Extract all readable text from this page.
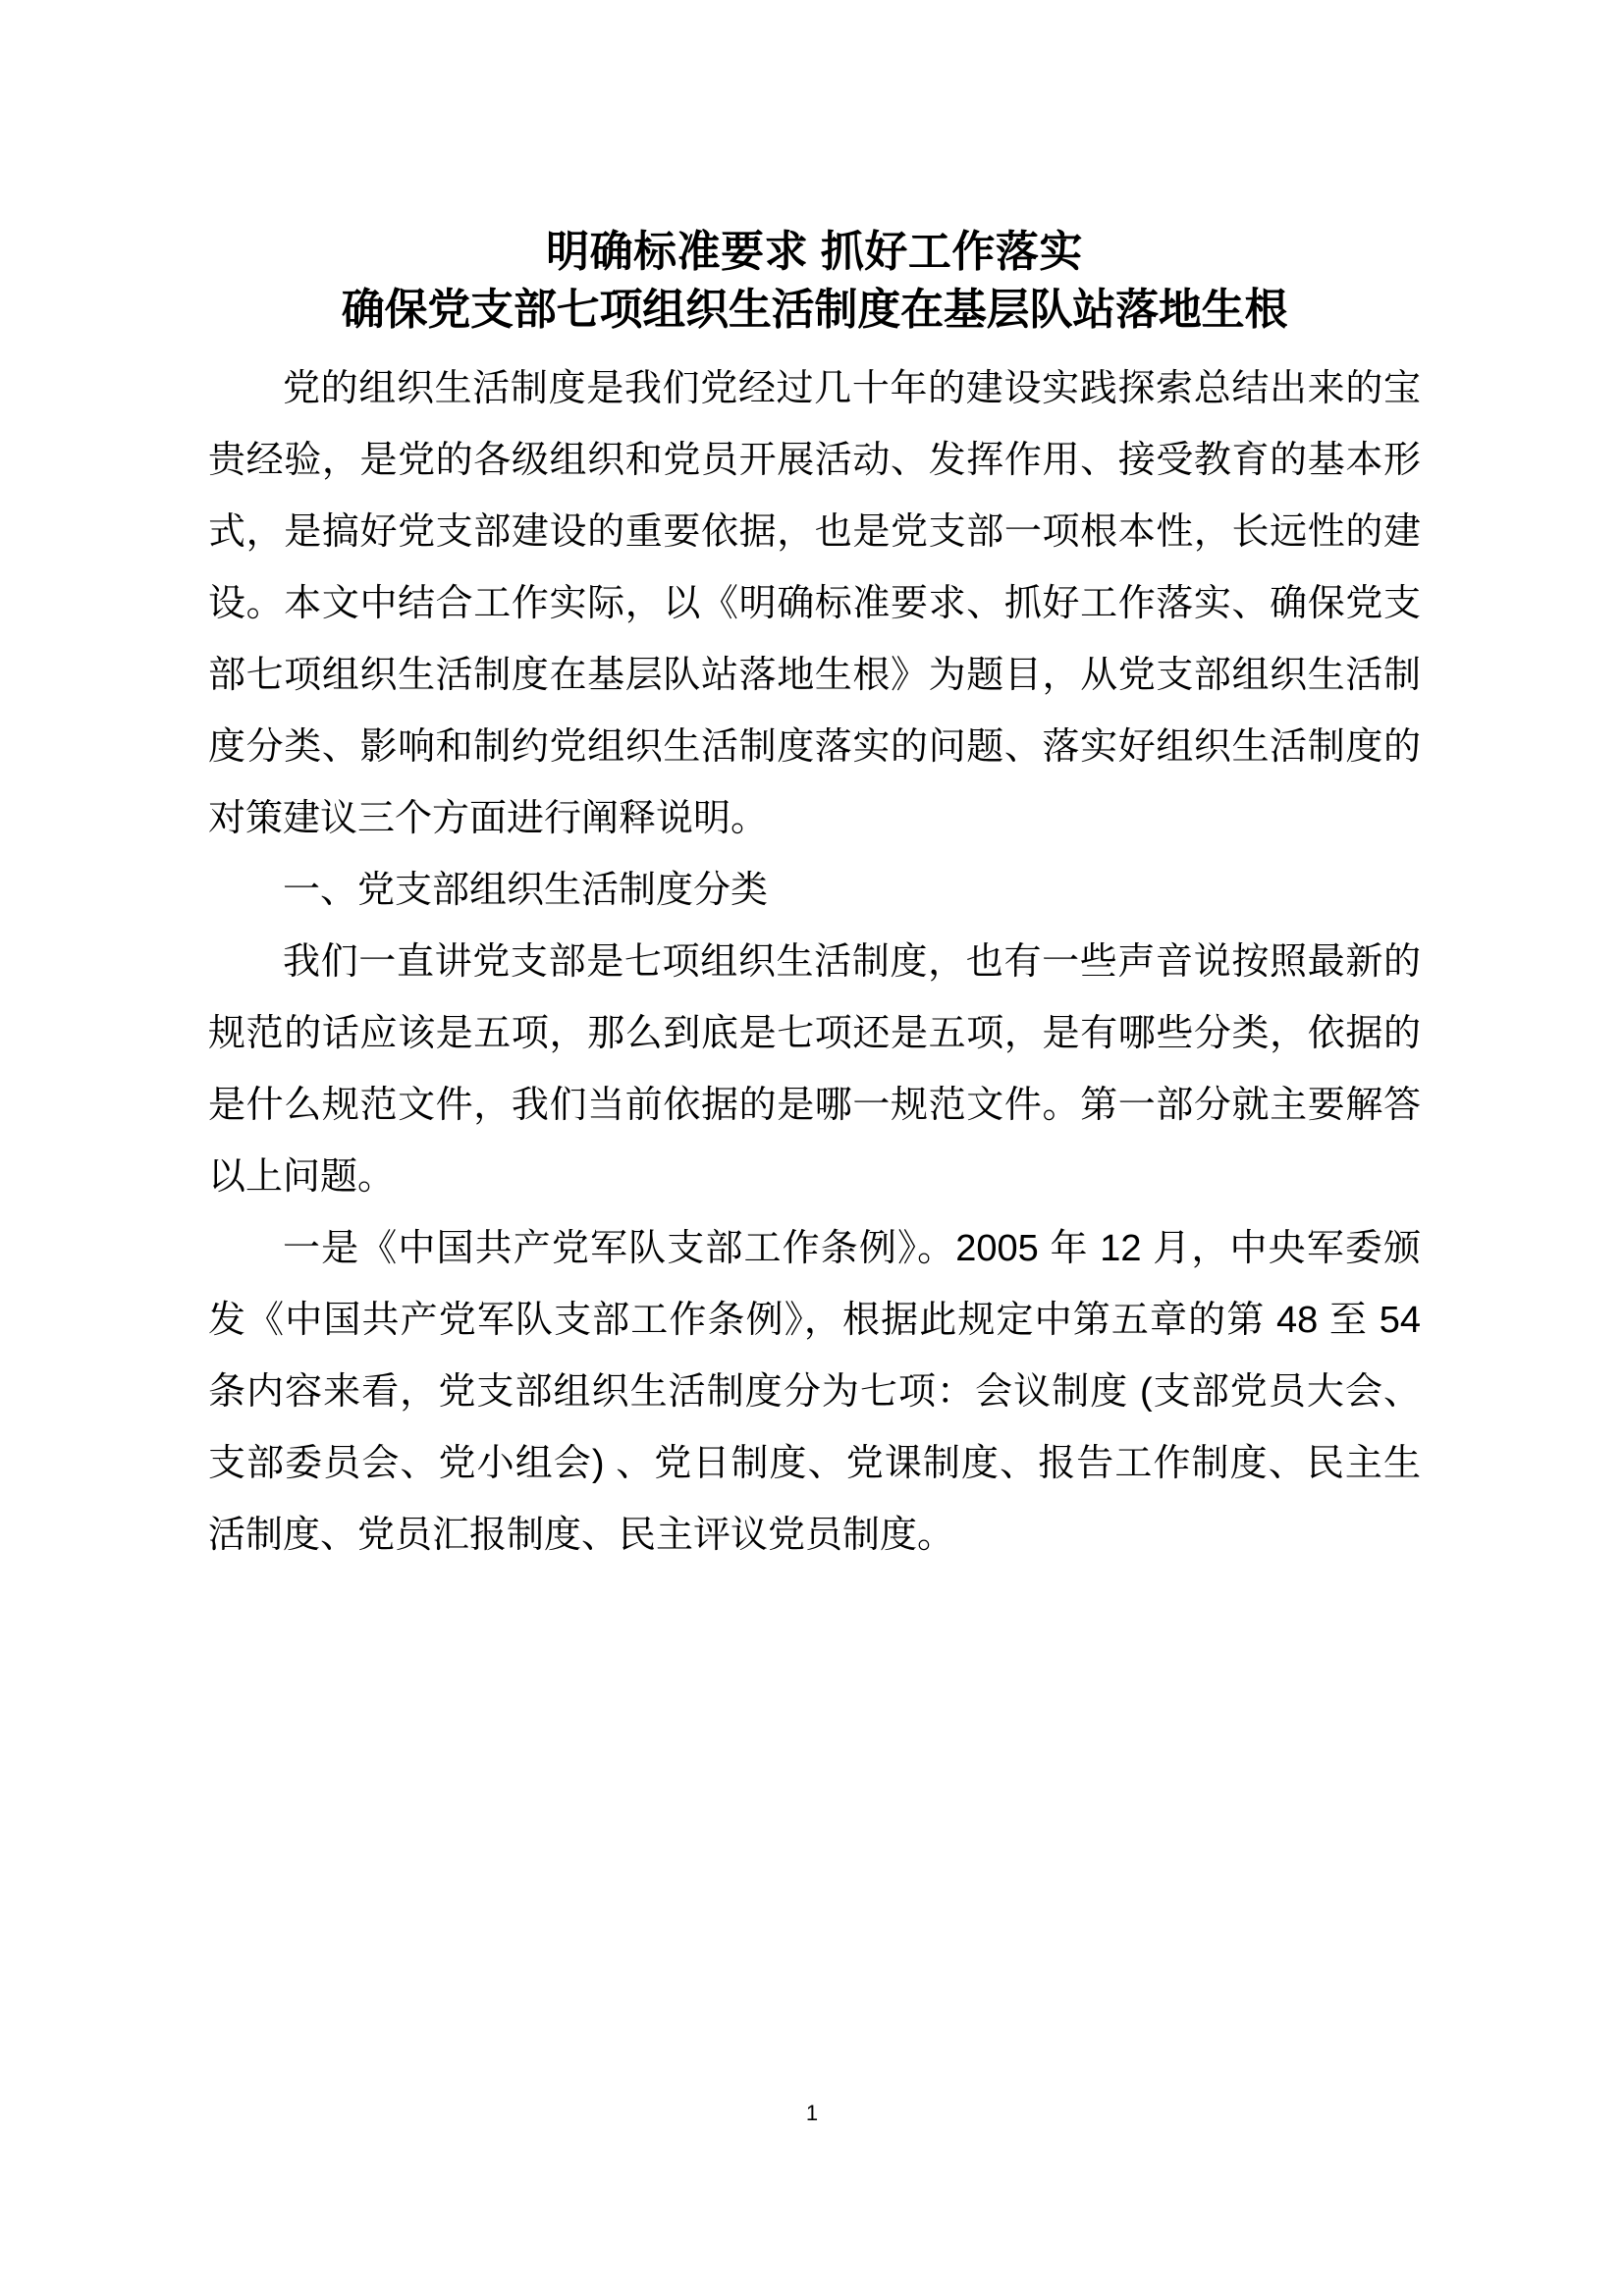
明确标准要求 抓好工作落实
确保党支部七项组织生活制度在基层队站落地生根

党的组织生活制度是我们党经过几十年的建设实践探索总结出来的宝贵经验，是党的各级组织和党员开展活动、发挥作用、接受教育的基本形式，是搞好党支部建设的重要依据，也是党支部一项根本性，长远性的建设。本文中结合工作实际，以《明确标准要求、抓好工作落实、确保党支部七项组织生活制度在基层队站落地生根》为题目，从党支部组织生活制度分类、影响和制约党组织生活制度落实的问题、落实好组织生活制度的对策建议三个方面进行阐释说明。

一、党支部组织生活制度分类

我们一直讲党支部是七项组织生活制度，也有一些声音说按照最新的规范的话应该是五项，那么到底是七项还是五项，是有哪些分类，依据的是什么规范文件，我们当前依据的是哪一规范文件。第一部分就主要解答以上问题。

一是《中国共产党军队支部工作条例》。2005 年 12 月，中央军委颁发《中国共产党军队支部工作条例》，根据此规定中第五章的第 48 至 54 条内容来看，党支部组织生活制度分为七项：会议制度 (支部党员大会、支部委员会、党小组会) 、党日制度、党课制度、报告工作制度、民主生活制度、党员汇报制度、民主评议党员制度。

1
